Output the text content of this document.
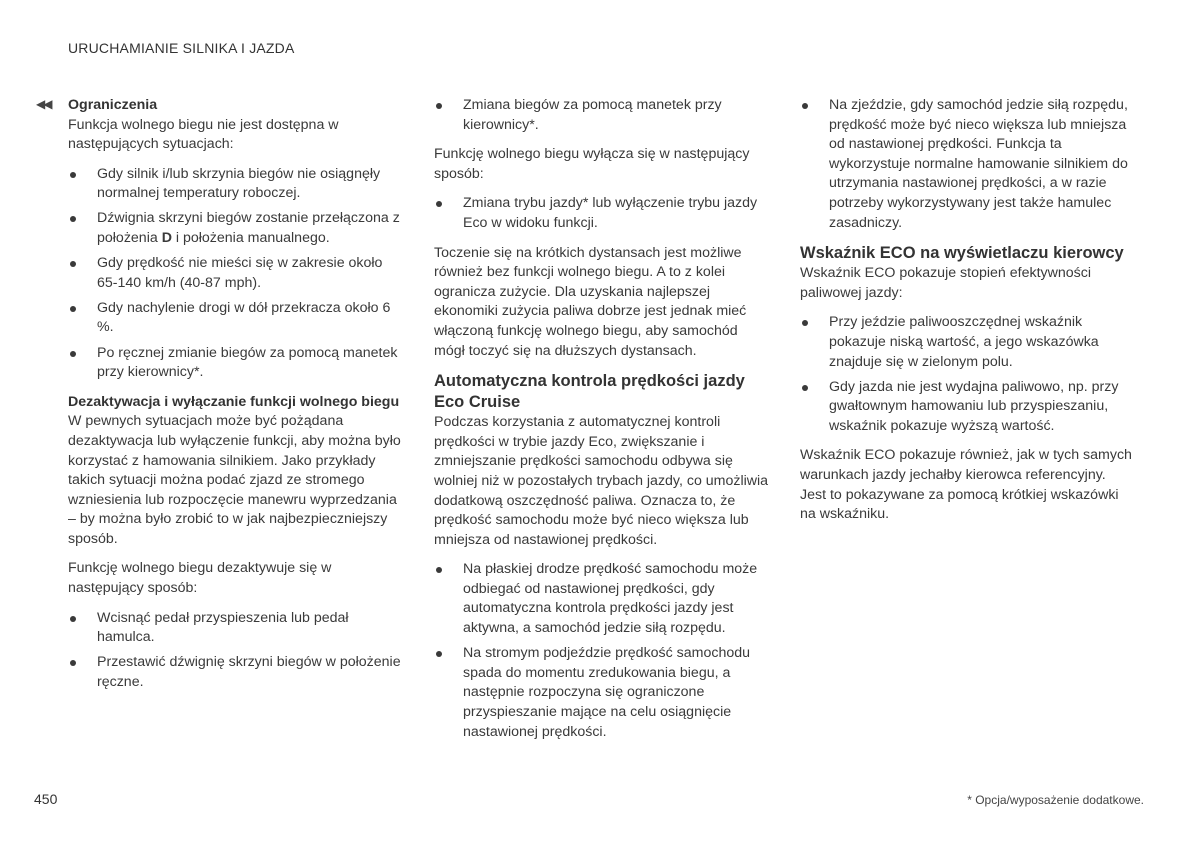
URUCHAMIANIE SILNIKA I JAZDA
◀◀ Ograniczenia

Funkcja wolnego biegu nie jest dostępna w następujących sytuacjach:

Gdy silnik i/lub skrzynia biegów nie osiągnęły normalnej temperatury roboczej.
Dźwignia skrzyni biegów zostanie przełączona z położenia D i położenia manualnego.
Gdy prędkość nie mieści się w zakresie około 65-140 km/h (40-87 mph).
Gdy nachylenie drogi w dół przekracza około 6 %.
Po ręcznej zmianie biegów za pomocą manetek przy kierownicy*.
Dezaktywacja i wyłączanie funkcji wolnego biegu

W pewnych sytuacjach może być pożądana dezaktywacja lub wyłączenie funkcji, aby można było korzystać z hamowania silnikiem. Jako przykłady takich sytuacji można podać zjazd ze stromego wzniesienia lub rozpoczęcie manewru wyprzedzania – by można było zrobić to w jak najbezpieczniejszy sposób.

Funkcję wolnego biegu dezaktywuje się w następujący sposób:

Wcisnąć pedał przyspieszenia lub pedał hamulca.
Przestawić dźwignię skrzyni biegów w położenie ręczne.
Zmiana biegów za pomocą manetek przy kierownicy*.

Funkcję wolnego biegu wyłącza się w następujący sposób:

Zmiana trybu jazdy* lub wyłączenie trybu jazdy Eco w widoku funkcji.

Toczenie się na krótkich dystansach jest możliwe również bez funkcji wolnego biegu. A to z kolei ogranicza zużycie. Dla uzyskania najlepszej ekonomiki zużycia paliwa dobrze jest jednak mieć włączoną funkcję wolnego biegu, aby samochód mógł toczyć się na dłuższych dystansach.

Automatyczna kontrola prędkości jazdy Eco Cruise

Podczas korzystania z automatycznej kontroli prędkości w trybie jazdy Eco, zwiększanie i zmniejszanie prędkości samochodu odbywa się wolniej niż w pozostałych trybach jazdy, co umożliwia dodatkową oszczędność paliwa. Oznacza to, że prędkość samochodu może być nieco większa lub mniejsza od nastawionej prędkości.

Na płaskiej drodze prędkość samochodu może odbiegać od nastawionej prędkości, gdy automatyczna kontrola prędkości jazdy jest aktywna, a samochód jedzie siłą rozpędu.
Na stromym podjeździe prędkość samochodu spada do momentu zredukowania biegu, a następnie rozpoczyna się ograniczone przyspieszanie mające na celu osiągnięcie nastawionej prędkości.
Na zjeździe, gdy samochód jedzie siłą rozpędu, prędkość może być nieco większa lub mniejsza od nastawionej prędkości. Funkcja ta wykorzystuje normalne hamowanie silnikiem do utrzymania nastawionej prędkości, a w razie potrzeby wykorzystywany jest także hamulec zasadniczy.
Wskaźnik ECO na wyświetlaczu kierowcy

Wskaźnik ECO pokazuje stopień efektywności paliwowej jazdy:

Przy jeździe paliwooszczędnej wskaźnik pokazuje niską wartość, a jego wskazówka znajduje się w zielonym polu.
Gdy jazda nie jest wydajna paliwowo, np. przy gwałtownym hamowaniu lub przyspieszaniu, wskaźnik pokazuje wyższą wartość.

Wskaźnik ECO pokazuje również, jak w tych samych warunkach jazdy jechałby kierowca referencyjny. Jest to pokazywane za pomocą krótkiej wskazówki na wskaźniku.

450	* Opcja/wyposażenie dodatkowe.
